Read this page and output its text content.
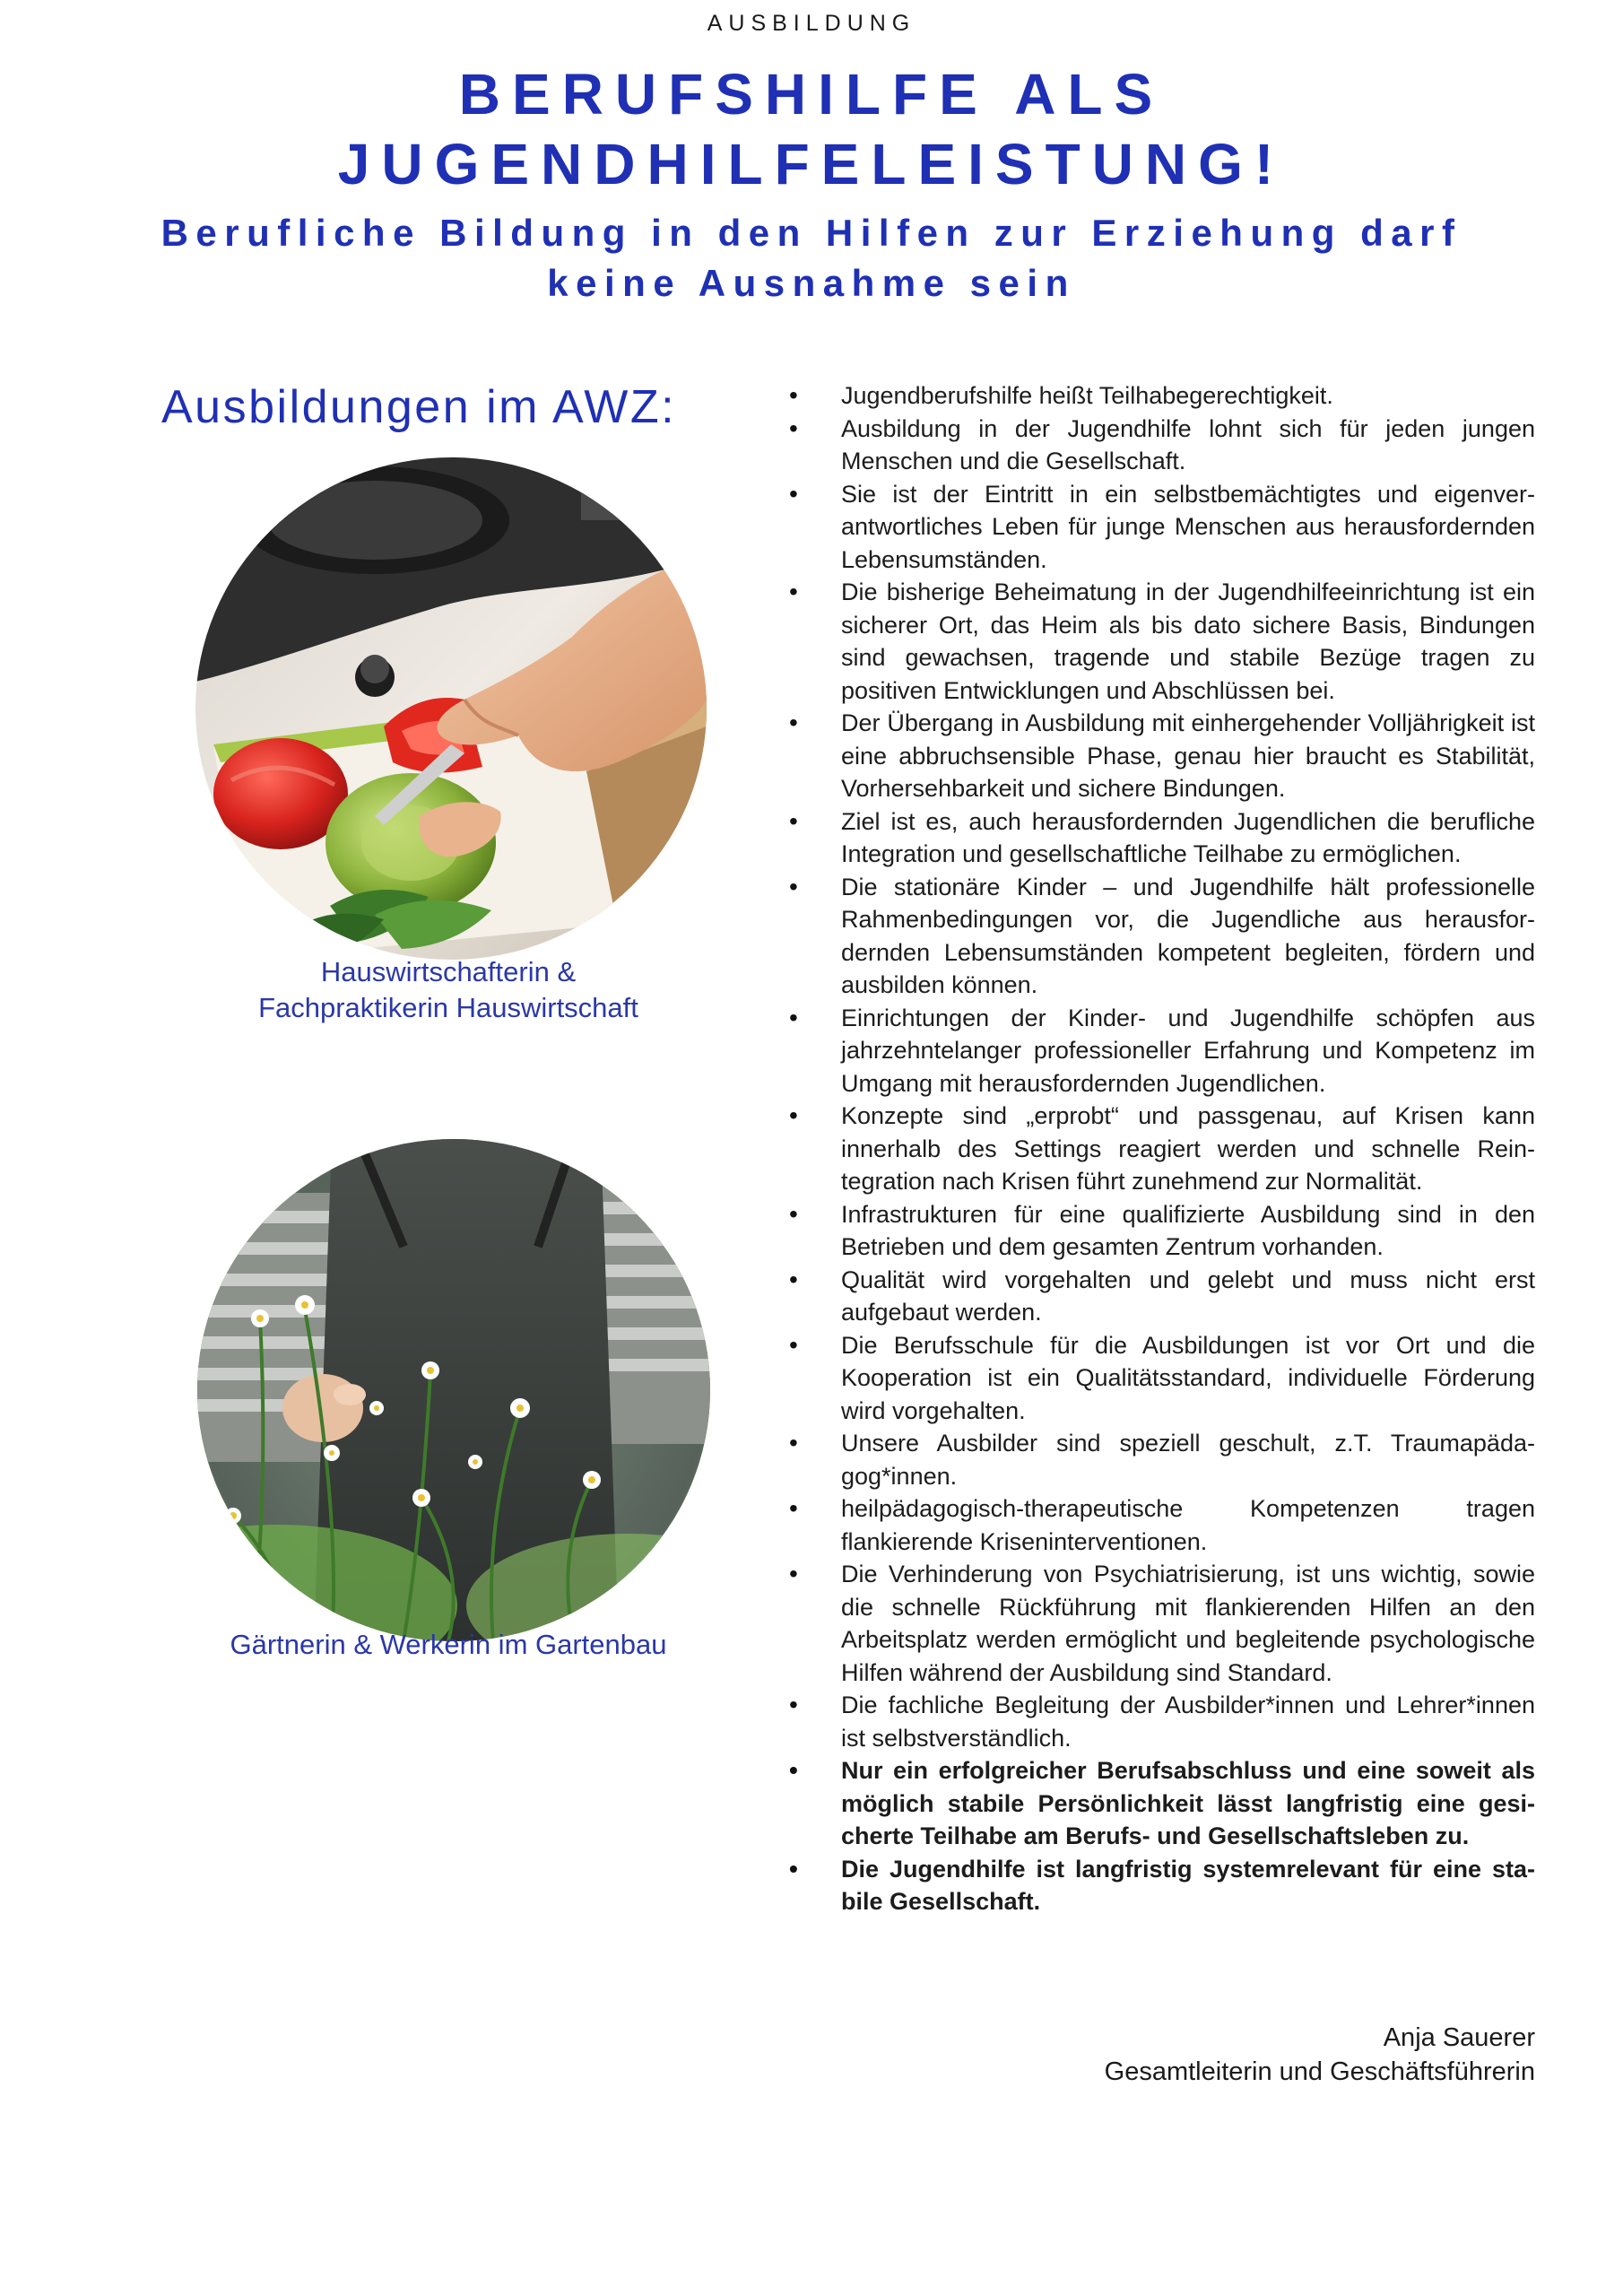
AUSBILDUNG
BERUFSHILFE ALS
JUGENDHILFELEISTUNG!
Berufliche Bildung in den Hilfen zur Erziehung darf
keine Ausnahme sein
Ausbildungen im AWZ:
Hauswirtschafterin &
Fachpraktikerin Hauswirtschaft
Gärtnerin & Werkerin im Gartenbau
• Jugendberufshilfe heißt Teilhabegerechtigkeit.
• Ausbildung in der Jugendhilfe lohnt sich für jeden jungen Menschen und die Gesellschaft.
• Sie ist der Eintritt in ein selbstbemächtigtes und eigenverantwortliches Leben für junge Menschen aus herausfordernden Lebensumständen.
• Die bisherige Beheimatung in der Jugendhilfeeinrichtung ist ein sicherer Ort, das Heim als bis dato sichere Basis, Bindungen sind gewachsen, tragende und stabile Bezüge tragen zu positiven Entwicklungen und Abschlüssen bei.
• Der Übergang in Ausbildung mit einhergehender Volljährigkeit ist eine abbruchsensible Phase, genau hier braucht es Stabilität, Vorhersehbarkeit und sichere Bindungen.
• Ziel ist es, auch herausfordernden Jugendlichen die berufliche Integration und gesellschaftliche Teilhabe zu ermöglichen.
• Die stationäre Kinder – und Jugendhilfe hält professionelle Rahmenbedingungen vor, die Jugendliche aus herausfordernden Lebensumständen kompetent begleiten, fördern und ausbilden können.
• Einrichtungen der Kinder- und Jugendhilfe schöpfen aus jahrzehntelanger professioneller Erfahrung und Kompetenz im Umgang mit herausfordernden Jugendlichen.
• Konzepte sind „erprobt“ und passgenau, auf Krisen kann innerhalb des Settings reagiert werden und schnelle Reintegration nach Krisen führt zunehmend zur Normalität.
• Infrastrukturen für eine qualifizierte Ausbildung sind in den Betrieben und dem gesamten Zentrum vorhanden.
• Qualität wird vorgehalten und gelebt und muss nicht erst aufgebaut werden.
• Die Berufsschule für die Ausbildungen ist vor Ort und die Kooperation ist ein Qualitätsstandard, individuelle Förderung wird vorgehalten.
• Unsere Ausbilder sind speziell geschult, z.T. Traumapädagog*innen.
• heilpädagogisch-therapeutische Kompetenzen tragen flankierende Kriseninterventionen.
• Die Verhinderung von Psychiatrisierung, ist uns wichtig, sowie die schnelle Rückführung mit flankierenden Hilfen an den Arbeitsplatz werden ermöglicht und begleitende psychologische Hilfen während der Ausbildung sind Standard.
• Die fachliche Begleitung der Ausbilder*innen und Lehrer*innen ist selbstverständlich.
• Nur ein erfolgreicher Berufsabschluss und eine soweit als möglich stabile Persönlichkeit lässt langfristig eine gesicherte Teilhabe am Berufs- und Gesellschaftsleben zu.
• Die Jugendhilfe ist langfristig systemrelevant für eine stabile Gesellschaft.
Anja Sauerer
Gesamtleiterin und Geschäftsführerin
